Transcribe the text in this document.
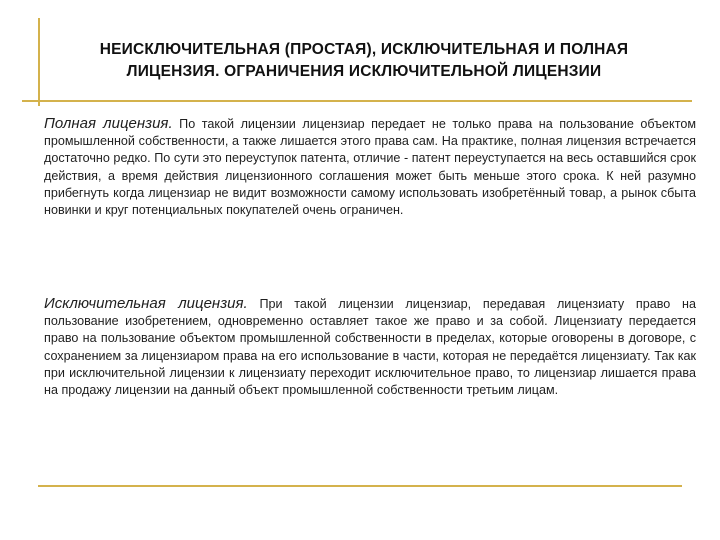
НЕИСКЛЮЧИТЕЛЬНАЯ (ПРОСТАЯ), ИСКЛЮЧИТЕЛЬНАЯ И ПОЛНАЯ
ЛИЦЕНЗИЯ. ОГРАНИЧЕНИЯ ИСКЛЮЧИТЕЛЬНОЙ ЛИЦЕНЗИИ

Полная лицензия. По такой лицензии лицензиар передает не только права на пользование объектом промышленной собственности, а также лишается этого права сам. На практике, полная лицензия встречается достаточно редко. По сути это переуступок патента, отличие - патент переуступается на весь оставшийся срок действия, а время действия лицензионного соглашения может быть меньше этого срока. К ней разумно прибегнуть когда лицензиар не видит возможности самому использовать изобретённый товар, а рынок сбыта новинки и круг потенциальных покупателей очень ограничен.

Исключительная лицензия. При такой лицензии лицензиар, передавая лицензиату право на пользование изобретением, одновременно оставляет такое же право и за собой. Лицензиату передается право на пользование объектом промышленной собственности в пределах, которые оговорены в договоре, с сохранением за лицензиаром права на его использование в части, которая не передаётся лицензиату. Так как при исключительной лицензии к лицензиату переходит исключительное право, то лицензиар лишается права на продажу лицензии на данный объект промышленной собственности третьим лицам.
